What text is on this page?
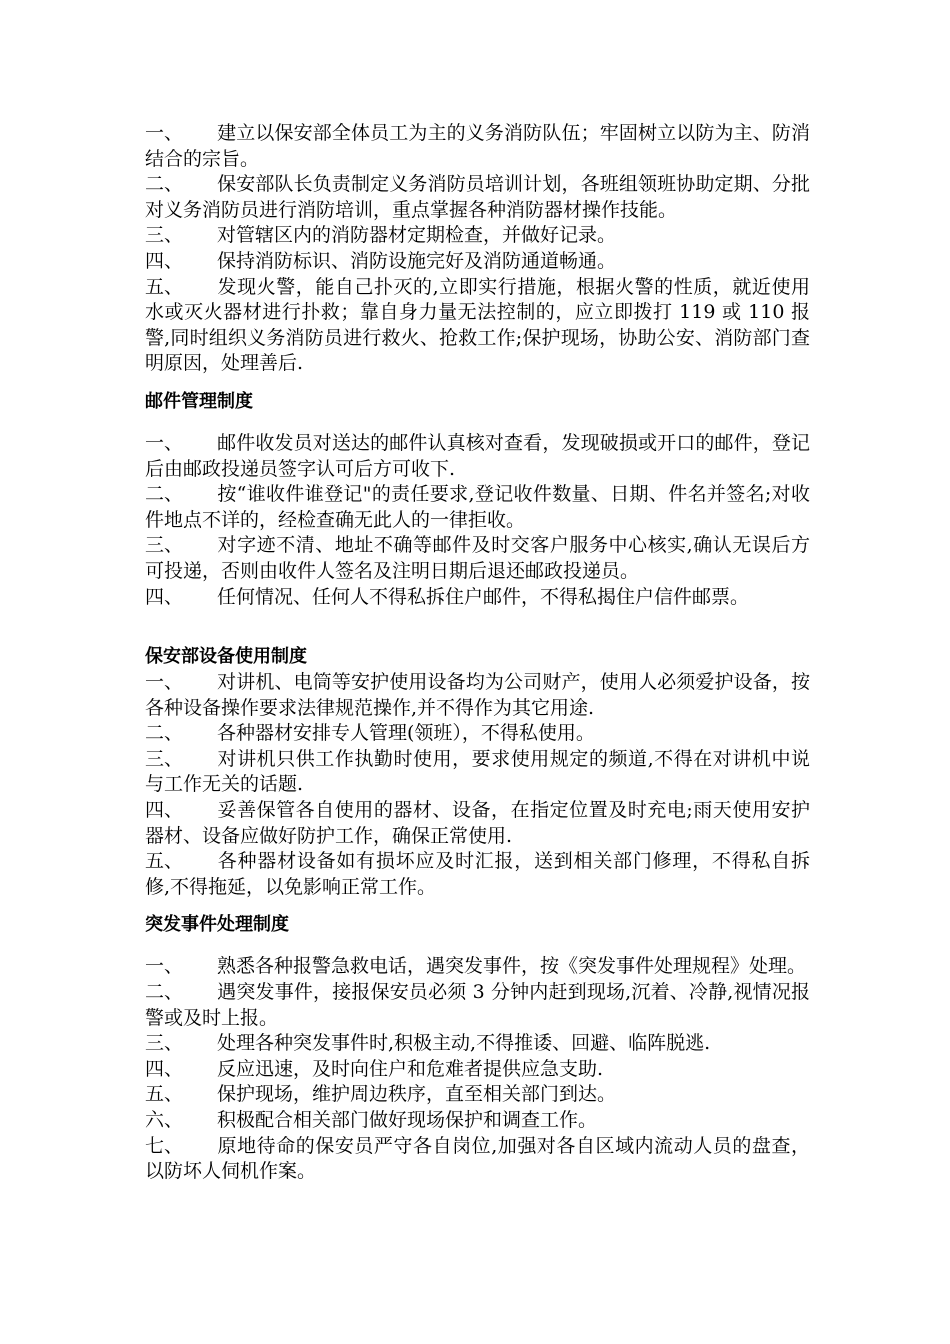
一、 建立以保安部全体员工为主的义务消防队伍；牢固树立以防为主、防消结合的宗旨。

二、 保安部队长负责制定义务消防员培训计划，各班组领班协助定期、分批对义务消防员进行消防培训，重点掌握各种消防器材操作技能。

三、 对管辖区内的消防器材定期检查，并做好记录。

四、 保持消防标识、消防设施完好及消防通道畅通。

五、 发现火警，能自己扑灭的,立即实行措施，根据火警的性质，就近使用水或灭火器材进行扑救；靠自身力量无法控制的，应立即拨打 119 或 110 报警,同时组织义务消防员进行救火、抢救工作;保护现场，协助公安、消防部门查明原因，处理善后.

邮件管理制度

一、 邮件收发员对送达的邮件认真核对查看，发现破损或开口的邮件，登记后由邮政投递员签字认可后方可收下.

二、 按“谁收件谁登记"的责任要求,登记收件数量、日期、件名并签名;对收件地点不详的，经检查确无此人的一律拒收。

三、 对字迹不清、地址不确等邮件及时交客户服务中心核实,确认无误后方可投递，否则由收件人签名及注明日期后退还邮政投递员。

四、 任何情况、任何人不得私拆住户邮件，不得私揭住户信件邮票。

保安部设备使用制度

一、 对讲机、电筒等安护使用设备均为公司财产，使用人必须爱护设备，按各种设备操作要求法律规范操作,并不得作为其它用途.

二、 各种器材安排专人管理(领班），不得私使用。

三、 对讲机只供工作执勤时使用，要求使用规定的频道,不得在对讲机中说与工作无关的话题.

四、 妥善保管各自使用的器材、设备，在指定位置及时充电;雨天使用安护器材、设备应做好防护工作，确保正常使用.

五、 各种器材设备如有损坏应及时汇报，送到相关部门修理，不得私自拆修,不得拖延，以免影响正常工作。

突发事件处理制度

一、 熟悉各种报警急救电话，遇突发事件，按《突发事件处理规程》处理。

二、 遇突发事件，接报保安员必须 3 分钟内赶到现场,沉着、冷静,视情况报警或及时上报。

三、 处理各种突发事件时,积极主动,不得推诿、回避、临阵脱逃.

四、 反应迅速，及时向住户和危难者提供应急支助.

五、 保护现场，维护周边秩序，直至相关部门到达。

六、 积极配合相关部门做好现场保护和调查工作。

七、 原地待命的保安员严守各自岗位,加强对各自区域内流动人员的盘查，以防坏人伺机作案。
